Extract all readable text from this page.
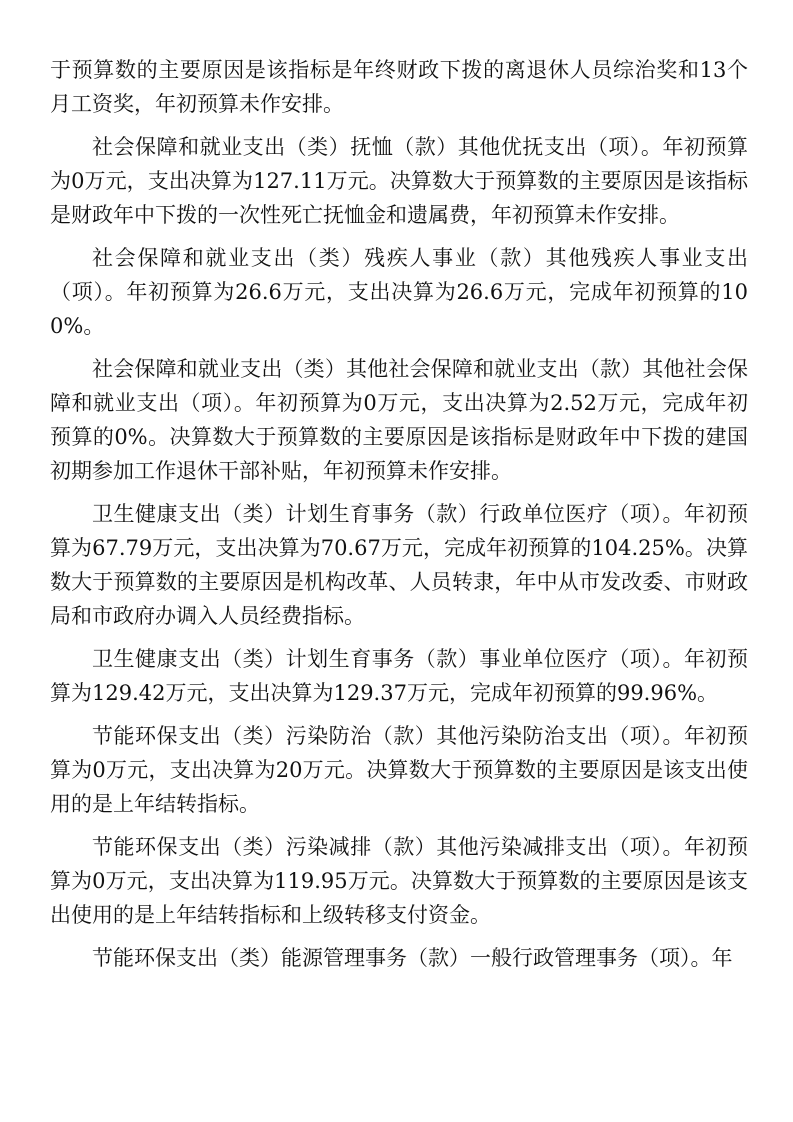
于预算数的主要原因是该指标是年终财政下拨的离退休人员综治奖和13个月工资奖，年初预算未作安排。

社会保障和就业支出（类）抚恤（款）其他优抚支出（项）。年初预算为0万元，支出决算为127.11万元。决算数大于预算数的主要原因是该指标是财政年中下拨的一次性死亡抚恤金和遗属费，年初预算未作安排。

社会保障和就业支出（类）残疾人事业（款）其他残疾人事业支出（项）。年初预算为26.6万元，支出决算为26.6万元，完成年初预算的100%。

社会保障和就业支出（类）其他社会保障和就业支出（款）其他社会保障和就业支出（项）。年初预算为0万元，支出决算为2.52万元，完成年初预算的0%。决算数大于预算数的主要原因是该指标是财政年中下拨的建国初期参加工作退休干部补贴，年初预算未作安排。

卫生健康支出（类）计划生育事务（款）行政单位医疗（项）。年初预算为67.79万元，支出决算为70.67万元，完成年初预算的104.25%。决算数大于预算数的主要原因是机构改革、人员转隶，年中从市发改委、市财政局和市政府办调入人员经费指标。

卫生健康支出（类）计划生育事务（款）事业单位医疗（项）。年初预算为129.42万元，支出决算为129.37万元，完成年初预算的99.96%。

节能环保支出（类）污染防治（款）其他污染防治支出（项）。年初预算为0万元，支出决算为20万元。决算数大于预算数的主要原因是该支出使用的是上年结转指标。

节能环保支出（类）污染减排（款）其他污染减排支出（项）。年初预算为0万元，支出决算为119.95万元。决算数大于预算数的主要原因是该支出使用的是上年结转指标和上级转移支付资金。

节能环保支出（类）能源管理事务（款）一般行政管理事务（项）。年
